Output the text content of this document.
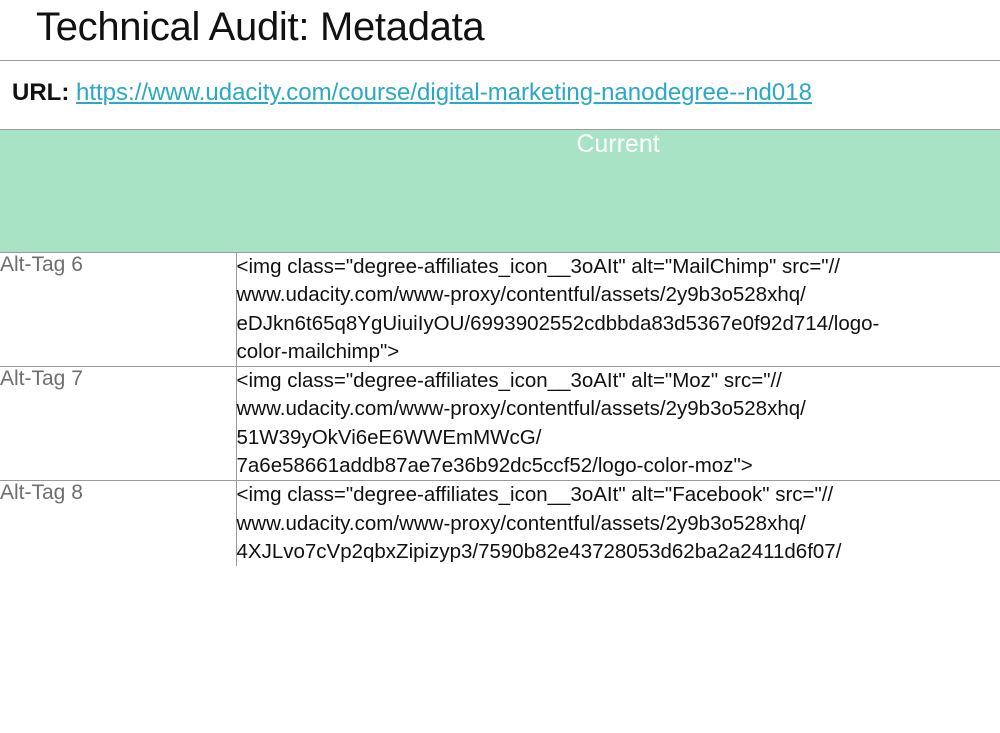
Technical Audit: Metadata
URL: https://www.udacity.com/course/digital-marketing-nanodegree--nd018
	Current
Alt-Tag 6	<img class="degree-affiliates_icon__3oAIt" alt="MailChimp" src="//
www.udacity.com/www-proxy/contentful/assets/2y9b3o528xhq/
eDJkn6t65q8YgUiuiIyOU/6993902552cdbbda83d5367e0f92d714/logo-
color-mailchimp">

Alt-Tag 7	<img class="degree-affiliates_icon__3oAIt" alt="Moz" src="//
www.udacity.com/www-proxy/contentful/assets/2y9b3o528xhq/
51W39yOkVi6eE6WWEmMWcG/
7a6e58661addb87ae7e36b92dc5ccf52/logo-color-moz">

Alt-Tag 8	<img class="degree-affiliates_icon__3oAIt" alt="Facebook" src="//
www.udacity.com/www-proxy/contentful/assets/2y9b3o528xhq/
4XJLvo7cVp2qbxZipizyp3/7590b82e43728053d62ba2a2411d6f07/
